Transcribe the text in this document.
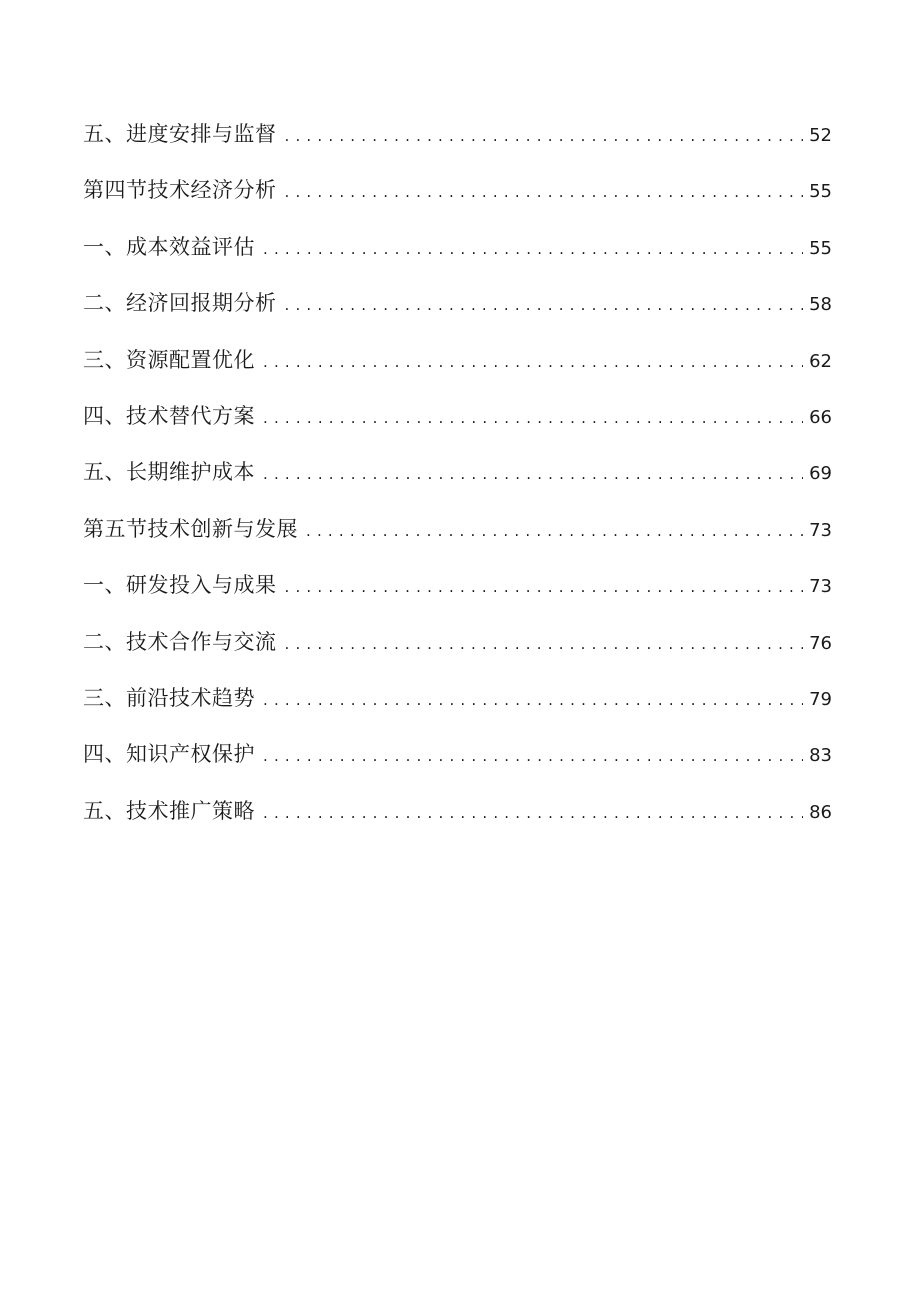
五、进度安排与监督 .....	52
第四节技术经济分析 .....	55
一、成本效益评估 .....	55
二、经济回报期分析 .....	58
三、资源配置优化 .....	62
四、技术替代方案 .....	66
五、长期维护成本 .....	69
第五节技术创新与发展 .....	73
一、研发投入与成果 .....	73
二、技术合作与交流 .....	76
三、前沿技术趋势 .....	79
四、知识产权保护 .....	83
五、技术推广策略 .....	86
